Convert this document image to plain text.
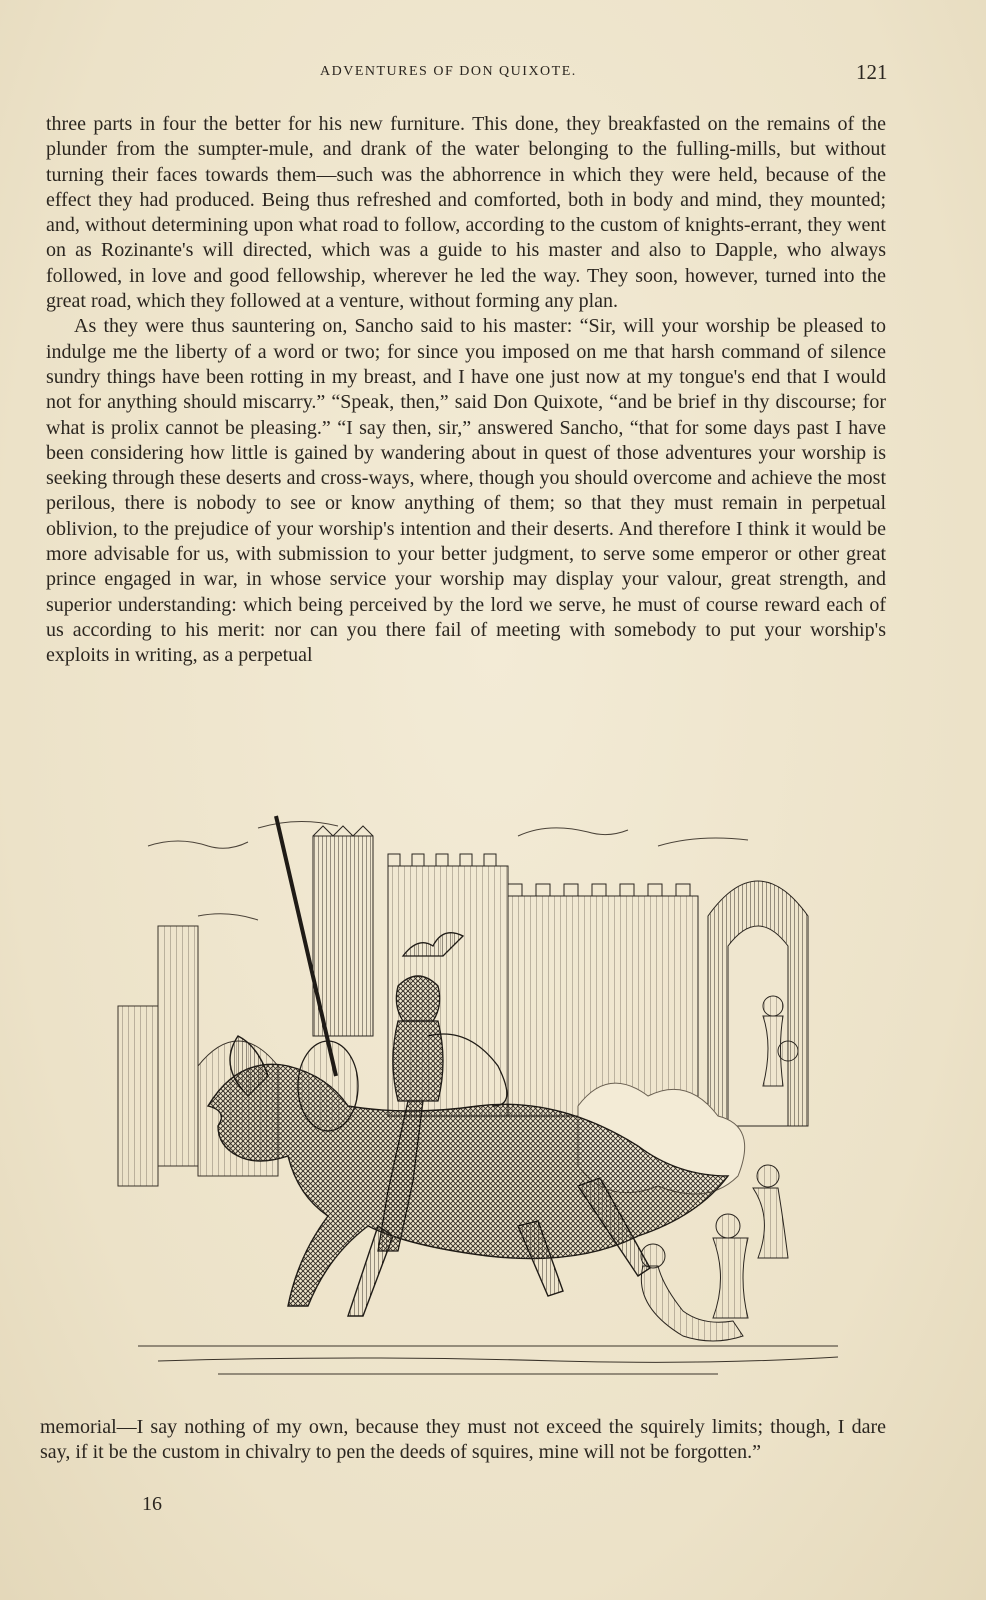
ADVENTURES OF DON QUIXOTE.	121

three parts in four the better for his new furniture. This done, they breakfasted on the remains of the plunder from the sumpter-mule, and drank of the water belonging to the fulling-mills, but without turning their faces towards them—such was the abhorrence in which they were held, because of the effect they had produced. Being thus refreshed and comforted, both in body and mind, they mounted; and, without determining upon what road to follow, according to the custom of knights-errant, they went on as Rozinante's will directed, which was a guide to his master and also to Dapple, who always followed, in love and good fellowship, wherever he led the way. They soon, however, turned into the great road, which they followed at a venture, without forming any plan.

As they were thus sauntering on, Sancho said to his master: “Sir, will your worship be pleased to indulge me the liberty of a word or two; for since you imposed on me that harsh command of silence sundry things have been rotting in my breast, and I have one just now at my tongue's end that I would not for anything should miscarry.” “Speak, then,” said Don Quixote, “and be brief in thy discourse; for what is prolix cannot be pleasing.” “I say then, sir,” answered Sancho, “that for some days past I have been considering how little is gained by wandering about in quest of those adventures your worship is seeking through these deserts and cross-ways, where, though you should overcome and achieve the most perilous, there is nobody to see or know anything of them; so that they must remain in perpetual oblivion, to the prejudice of your worship's intention and their deserts. And therefore I think it would be more advisable for us, with submission to your better judgment, to serve some emperor or other great prince engaged in war, in whose service your worship may display your valour, great strength, and superior understanding: which being perceived by the lord we serve, he must of course reward each of us according to his merit: nor can you there fail of meeting with somebody to put your worship's exploits in writing, as a perpetual

memorial—I say nothing of my own, because they must not exceed the squirely limits; though, I dare say, if it be the custom in chivalry to pen the deeds of squires, mine will not be forgotten.”

16
